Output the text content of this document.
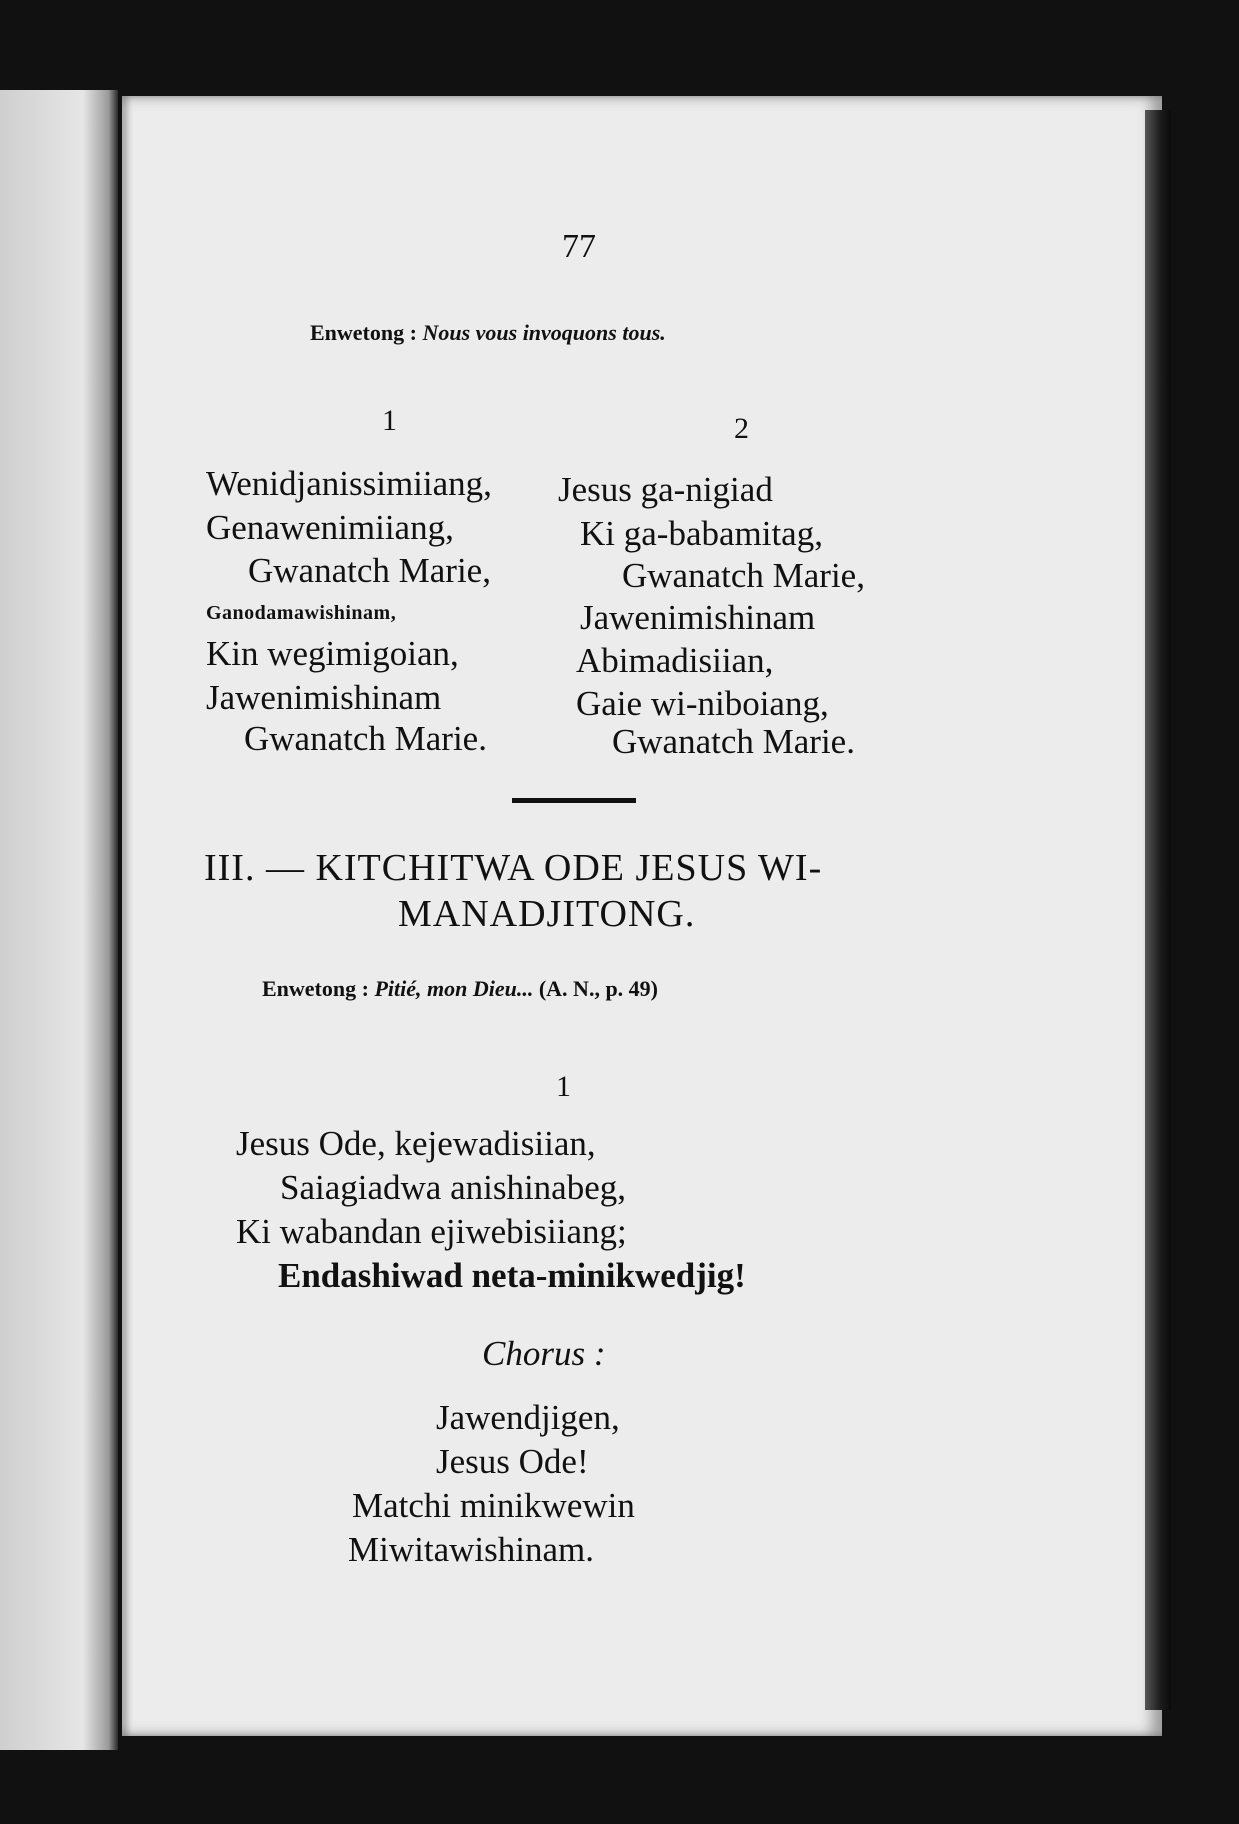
77
Enwetong : Nous vous invoquons tous.
1	2
Wenidjanissimiiang,
Genawenimiiang,
Gwanatch Marie,
Ganodamawishinam,
Kin wegimigoian,
Jawenimishinam
Gwanatch Marie.
Jesus ga-nigiad
Ki ga-babamitag,
Gwanatch Marie,
Jawenimishinam
Abimadisiian,
Gaie wi-niboiang,
Gwanatch Marie.
III. — KITCHITWA ODE JESUS WI-
MANADJITONG.
Enwetong : Pitié, mon Dieu... (A. N., p. 49)
1
Jesus Ode, kejewadisiian,
Saiagiadwa anishinabeg,
Ki wabandan ejiwebisiiang;
Endashiwad neta-minikwedjig!
Chorus :
Jawendjigen,
Jesus Ode!
Matchi minikwewin
Miwitawishinam.
